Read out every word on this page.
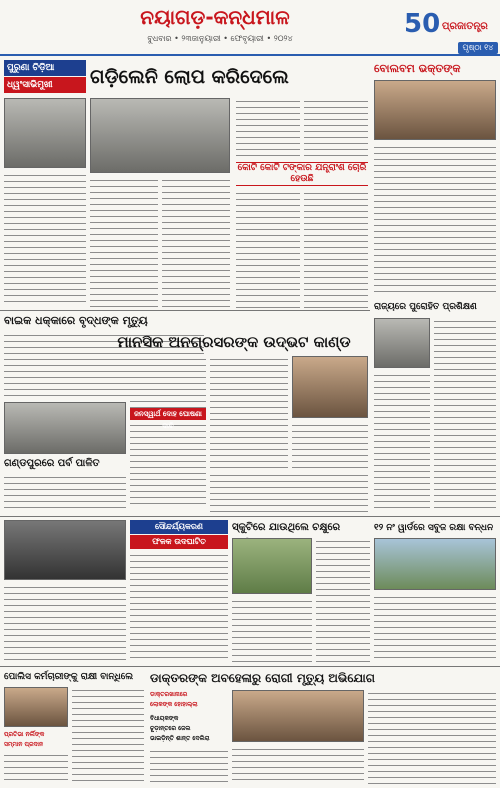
ନୟାଗଡ଼-କନ୍ଧମାଳ
ବୁଧବାର • ୨୩ଜାନୁୟାରୀ • ଫେବୃୟାରୀ • ୨୦୨୪	50 ପ୍ରଜାତନ୍ତ୍ର
ପୃଷ୍ଠା ୧୪
ପୁରୁଣା ଚିଡ଼ିଆ
ଧ୍ୱଂସାଭିମୁଖୀ	ଗଡ଼ିଲେନି ଲୋପ କରିଦେଲେ
କୋଟି କୋଟି ଟଙ୍କାର ଯନ୍ତ୍ରାଂଶ ଚୋରି ହେଉଛି
ବୋଲବମ ଭକ୍ତଙ୍କ
ବାଇକ ଧକ୍କାରେ ବୃଦ୍ଧଙ୍କ ମୃତ୍ୟୁ
ମାନସିକ ଅନଗ୍ରସରଙ୍କ ଉଦ୍ଭଟ କାଣ୍ଡ
ଜନସ୍ୱାର୍ଥ ଦୋହ ଘୋଷଣା ଦାବି
ଗଣ୍ଡପୁରରେ ପର୍ବ ପାଳିତ
ରାଜ୍ୟରେ ପୁରୋହିତ ପ୍ରଶିକ୍ଷଣ
ସୌନ୍ଦର୍ଯ୍ୟକରଣ
ଫଳକ ଉଦଘାଟିତ
ସ୍କୁଟିରେ ଯାଉଥିଲେ ଚକ୍ଷୁରେ	୧୨ ନଂ ୱାର୍ଡରେ ସବୁଜ ରକ୍ଷା ବନ୍ଧନ
ପୋଲିସ କର୍ମଚାରୀଙ୍କୁ ରାକ୍ଷୀ ବାନ୍ଧିଲେ
ପ୍ରତିଭା ନର୍ଲିଙ୍କ
ସମ୍ମାନ ପ୍ରଦାନ
ଡାକ୍ତରଙ୍କ ଅବହେଳାରୁ ରୋଗୀ ମୃତ୍ୟୁ ଅଭିଯୋଗ
ଡାକ୍ତରଖାନାରେ
ଲୋକଙ୍କ ହୋହାଲ୍ଲା
ବିଧାୟକଙ୍କ
ଚୂଡ଼ାନ୍ତରେ ଜେଲ
ଭାଇଡ଼ିନ୍ତି ଶାନ୍ତ ଦେଲିରା
